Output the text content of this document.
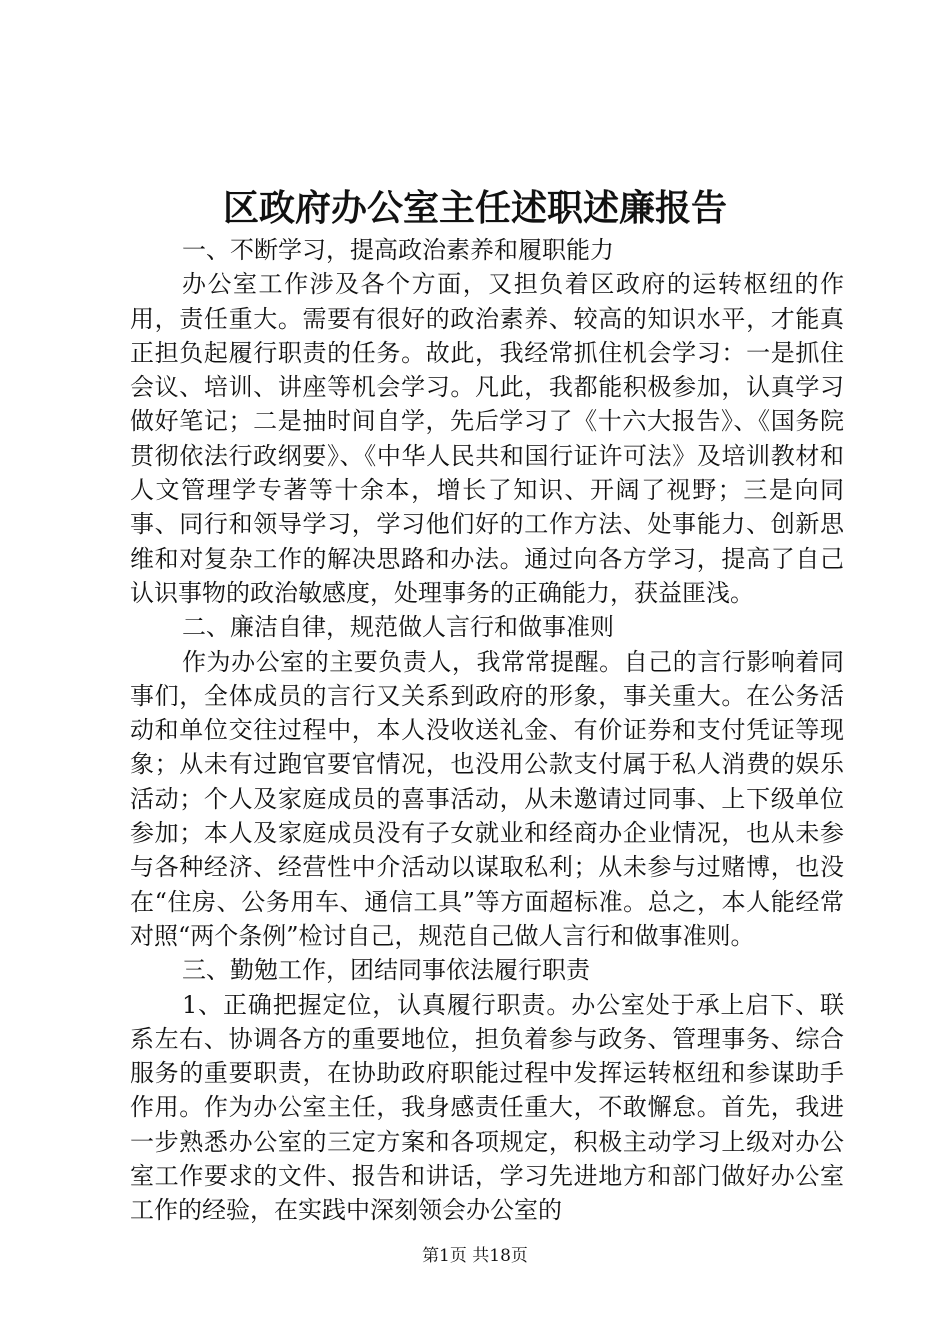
区政府办公室主任述职述廉报告

一、不断学习，提高政治素养和履职能力

办公室工作涉及各个方面，又担负着区政府的运转枢纽的作用，责任重大。需要有很好的政治素养、较高的知识水平，才能真正担负起履行职责的任务。故此，我经常抓住机会学习：一是抓住会议、培训、讲座等机会学习。凡此，我都能积极参加，认真学习做好笔记；二是抽时间自学，先后学习了《十六大报告》、《国务院贯彻依法行政纲要》、《中华人民共和国行证许可法》及培训教材和人文管理学专著等十余本，增长了知识、开阔了视野；三是向同事、同行和领导学习，学习他们好的工作方法、处事能力、创新思维和对复杂工作的解决思路和办法。通过向各方学习，提高了自己认识事物的政治敏感度，处理事务的正确能力，获益匪浅。

二、廉洁自律，规范做人言行和做事准则

作为办公室的主要负责人，我常常提醒。自己的言行影响着同事们，全体成员的言行又关系到政府的形象，事关重大。在公务活动和单位交往过程中，本人没收送礼金、有价证券和支付凭证等现象；从未有过跑官要官情况，也没用公款支付属于私人消费的娱乐活动；个人及家庭成员的喜事活动，从未邀请过同事、上下级单位参加；本人及家庭成员没有子女就业和经商办企业情况，也从未参与各种经济、经营性中介活动以谋取私利；从未参与过赌博，也没在“住房、公务用车、通信工具”等方面超标准。总之，本人能经常对照“两个条例”检讨自己，规范自己做人言行和做事准则。

三、勤勉工作，团结同事依法履行职责

1、正确把握定位，认真履行职责。办公室处于承上启下、联系左右、协调各方的重要地位，担负着参与政务、管理事务、综合服务的重要职责，在协助政府职能过程中发挥运转枢纽和参谋助手作用。作为办公室主任，我身感责任重大，不敢懈怠。首先，我进一步熟悉办公室的三定方案和各项规定，积极主动学习上级对办公室工作要求的文件、报告和讲话，学习先进地方和部门做好办公室工作的经验，在实践中深刻领会办公室的

第1页 共18页
